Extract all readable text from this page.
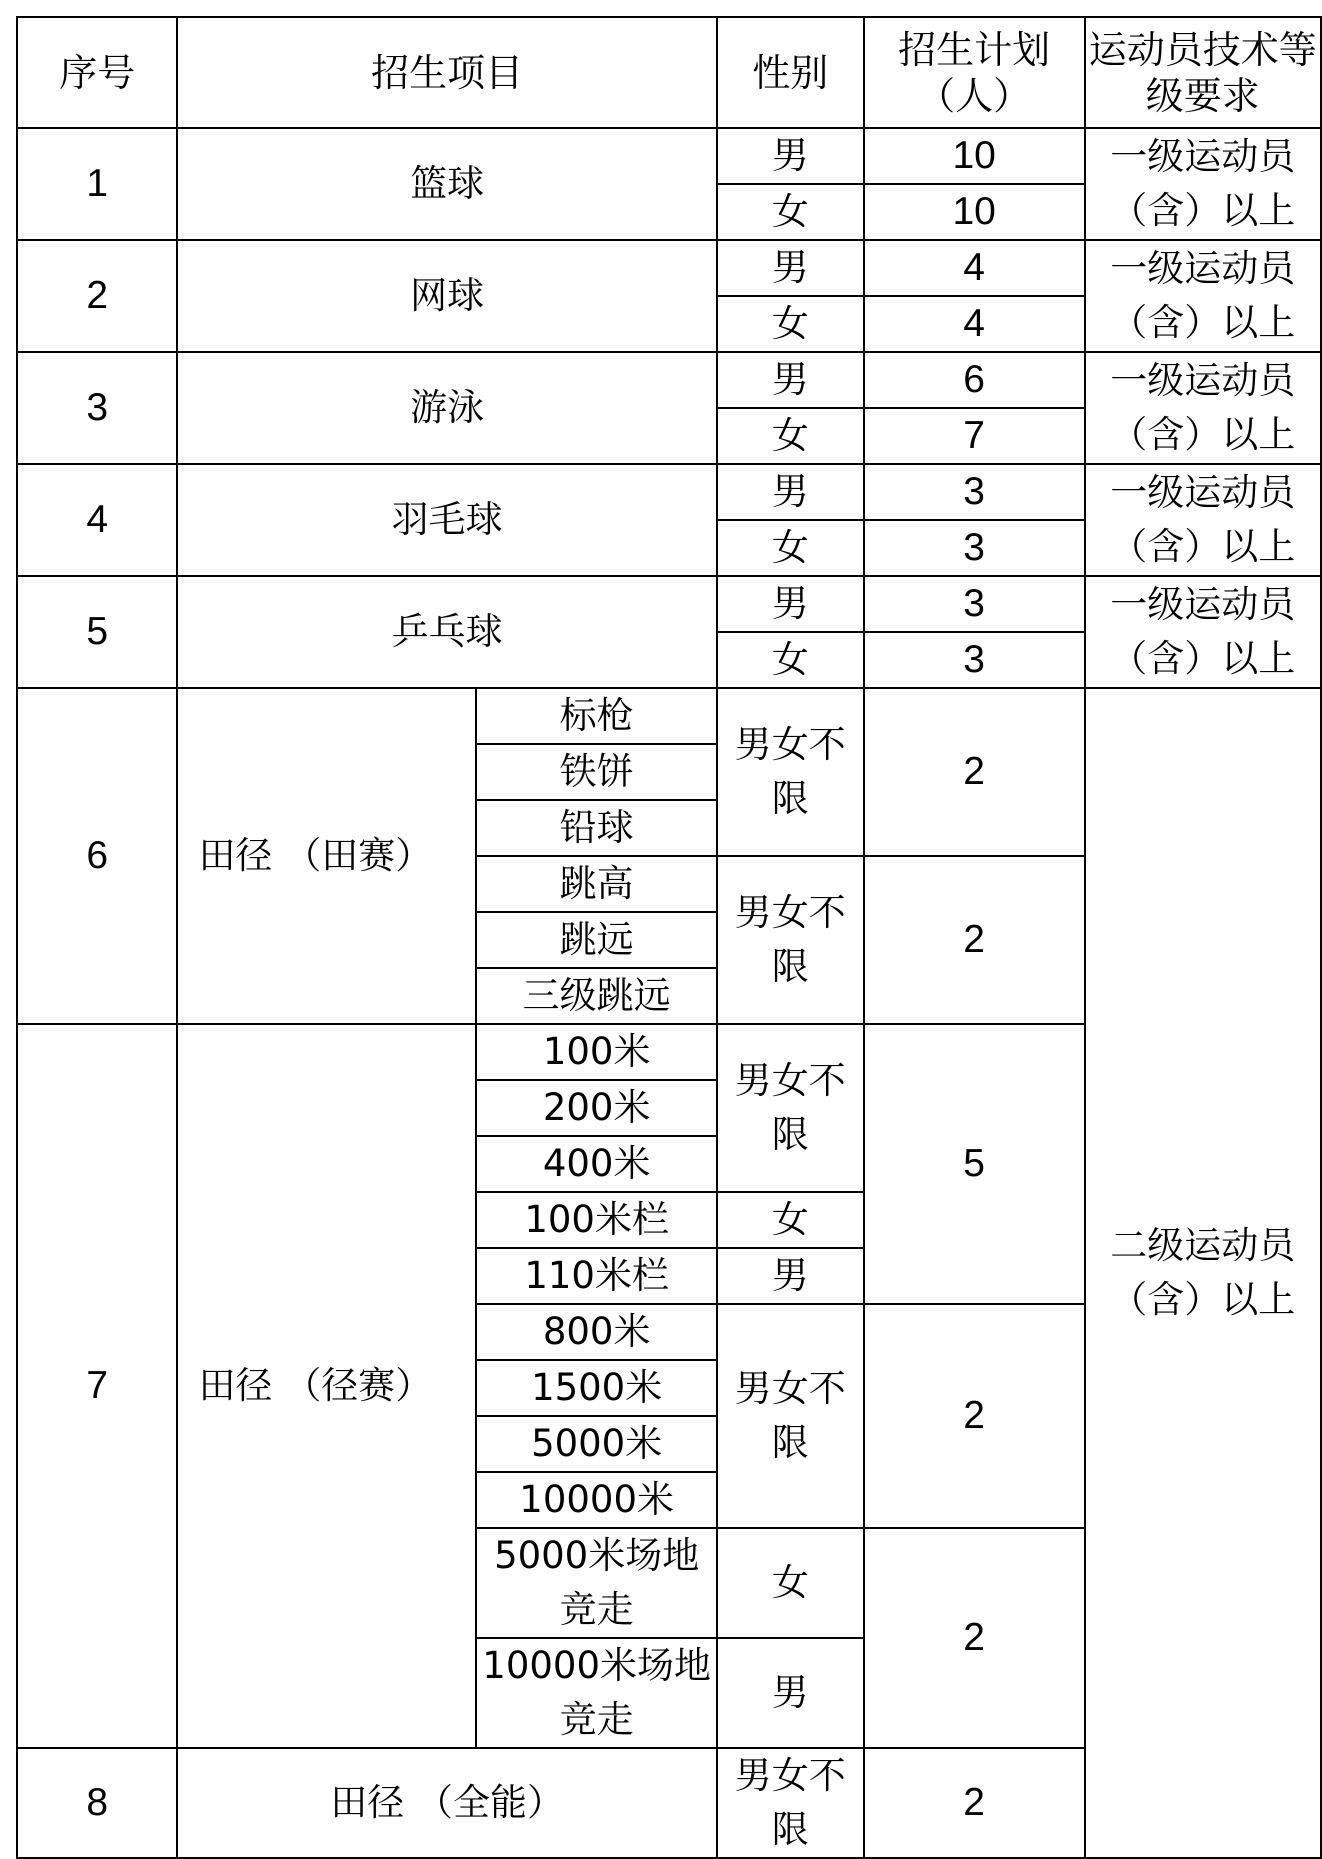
序号	招生项目		性别	招生计划（人）	运动员技术等级要求
1	篮球		男	10	一级运动员（含）以上
			女	10	
2	网球		男	4	一级运动员（含）以上
			女	4	
3	游泳		男	6	一级运动员（含）以上
			女	7	
4	羽毛球		男	3	一级运动员（含）以上
			女	3	
5	乒乓球		男	3	一级运动员（含）以上
			女	3	
6	田径 （田赛）	标枪	男女不限	2	二级运动员（含）以上
		铁饼			
		铅球			
		跳高	男女不限	2	
		跳远			
		三级跳远			
7	田径 （径赛）	100米	男女不限	5	
		200米			
		400米			
		100米栏	女		
		110米栏	男		
		800米	男女不限	2	
		1500米			
		5000米			
		10000米			
		5000米场地竞走	女	2	
		10000米场地竞走	男		
8	田径 （全能）		男女不限	2	
